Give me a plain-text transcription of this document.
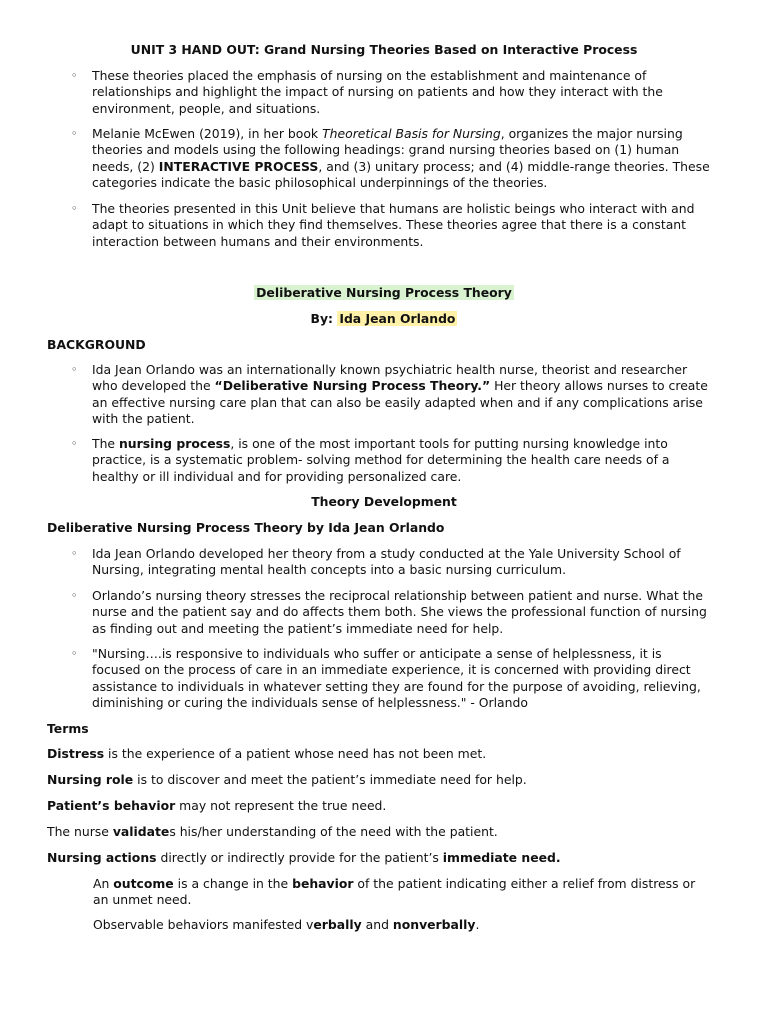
UNIT 3 HAND OUT: Grand Nursing Theories Based on Interactive Process

◦ These theories placed the emphasis of nursing on the establishment and maintenance of relationships and highlight the impact of nursing on patients and how they interact with the environment, people, and situations.
◦ Melanie McEwen (2019), in her book Theoretical Basis for Nursing, organizes the major nursing theories and models using the following headings: grand nursing theories based on (1) human needs, (2) INTERACTIVE PROCESS, and (3) unitary process; and (4) middle-range theories. These categories indicate the basic philosophical underpinnings of the theories.
◦ The theories presented in this Unit believe that humans are holistic beings who interact with and adapt to situations in which they find themselves. These theories agree that there is a constant interaction between humans and their environments.

Deliberative Nursing Process Theory

By: Ida Jean Orlando

BACKGROUND

◦ Ida Jean Orlando was an internationally known psychiatric health nurse, theorist and researcher who developed the “Deliberative Nursing Process Theory.” Her theory allows nurses to create an effective nursing care plan that can also be easily adapted when and if any complications arise with the patient.
◦ The nursing process, is one of the most important tools for putting nursing knowledge into practice, is a systematic problem- solving method for determining the health care needs of a healthy or ill individual and for providing personalized care.

Theory Development

Deliberative Nursing Process Theory by Ida Jean Orlando

◦ Ida Jean Orlando developed her theory from a study conducted at the Yale University School of Nursing, integrating mental health concepts into a basic nursing curriculum.
◦ Orlando’s nursing theory stresses the reciprocal relationship between patient and nurse. What the nurse and the patient say and do affects them both. She views the professional function of nursing as finding out and meeting the patient’s immediate need for help.
◦ "Nursing….is responsive to individuals who suffer or anticipate a sense of helplessness, it is focused on the process of care in an immediate experience, it is concerned with providing direct assistance to individuals in whatever setting they are found for the purpose of avoiding, relieving, diminishing or curing the individuals sense of helplessness." - Orlando

Terms

Distress is the experience of a patient whose need has not been met.

Nursing role is to discover and meet the patient’s immediate need for help.

Patient’s behavior may not represent the true need.

The nurse validates his/her understanding of the need with the patient.

Nursing actions directly or indirectly provide for the patient’s immediate need.

An outcome is a change in the behavior of the patient indicating either a relief from distress or an unmet need.

Observable behaviors manifested verbally and nonverbally.
